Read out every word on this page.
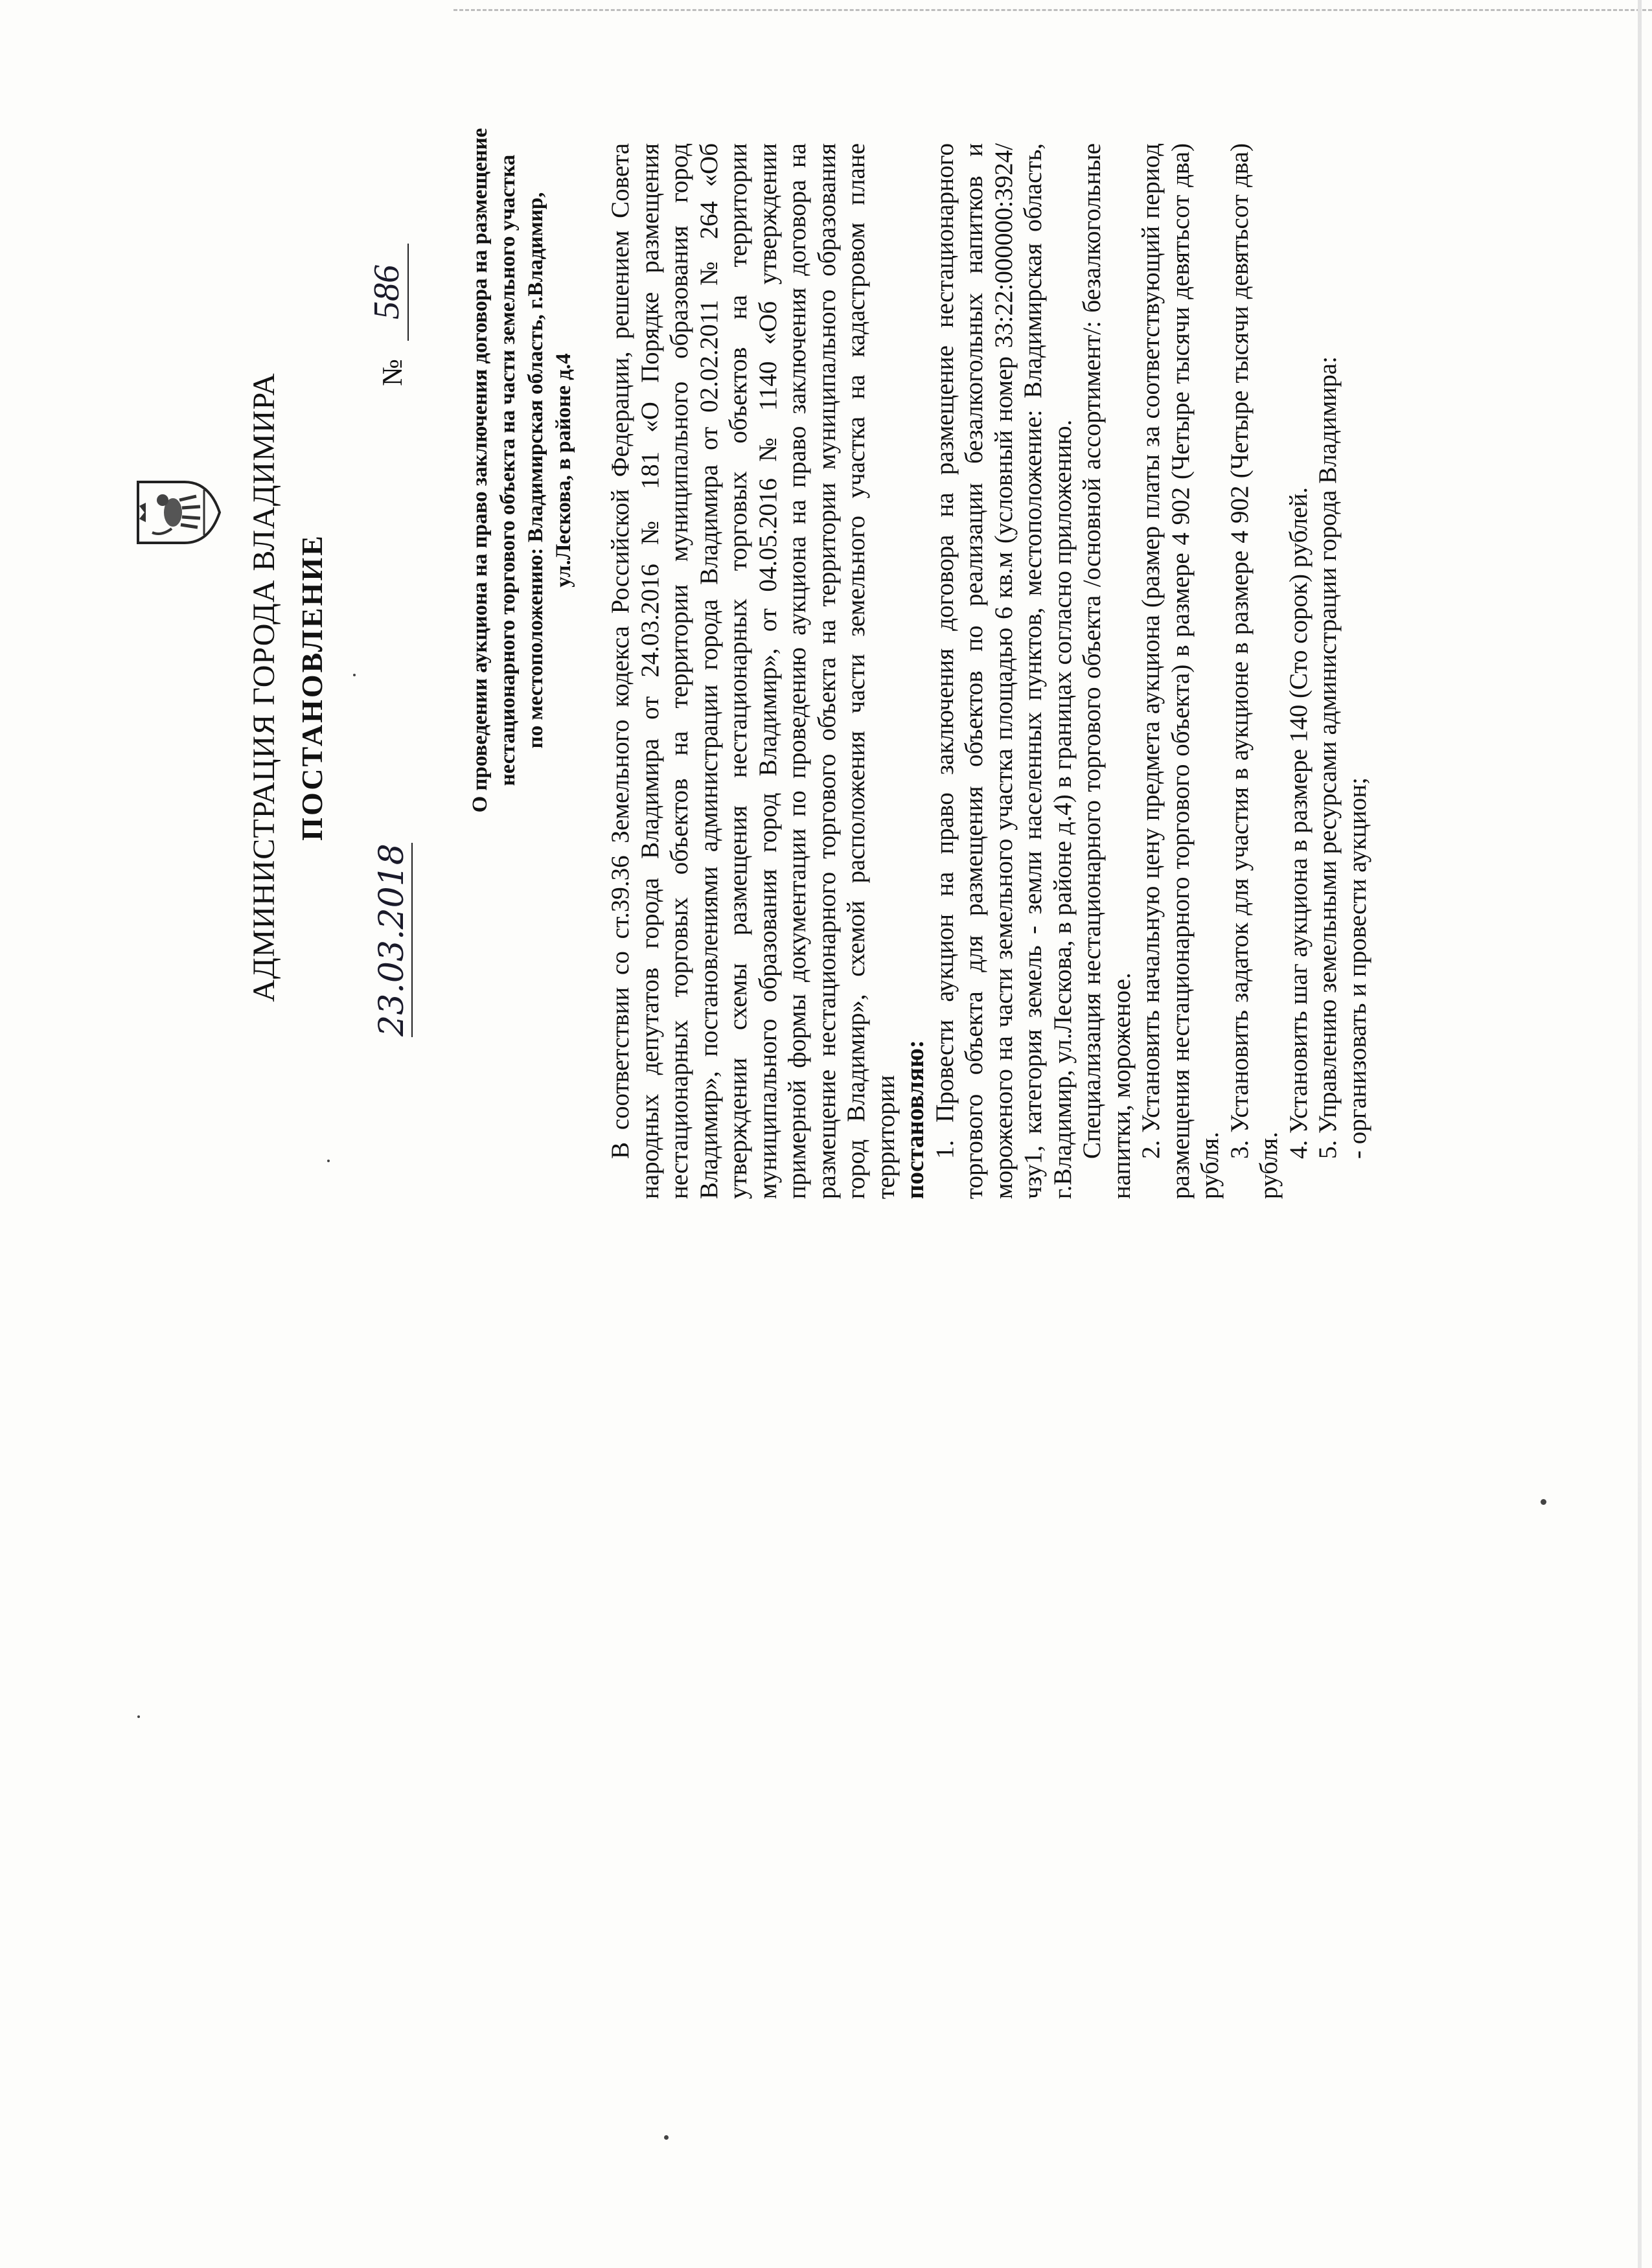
АДМИНИСТРАЦИЯ ГОРОДА ВЛАДИМИРА ПОСТАНОВЛЕНИЕ
23.03.2018
№
586	О проведении аукциона на право заключения договора на размещение нестационарного торгового объекта на части земельного участка по местоположению: Владимирская область, г.Владимир, ул.Лескова, в районе д.4 В соответствии со ст.39.36 Земельного кодекса Российской Федерации, решением Совета народных депутатов города Владимира от 24.03.2016 № 181 «О Порядке размещения нестационарных торговых объектов на территории муниципального образования город Владимир», постановлениями администрации города Владимира от 02.02.2011 № 264 «Об утверждении схемы размещения нестационарных торговых объектов на территории муниципального образования город Владимир», от 04.05.2016 № 1140 «Об утверждении примерной формы документации по проведению аукциона на право заключения договора на размещение нестационарного торгового объекта на территории муниципального образования город Владимир», схемой расположения части земельного участка на кадастровом плане территории постановляю: 1. Провести аукцион на право заключения договора на размещение нестационарного торгового объекта для размещения объектов по реализации безалкогольных напитков и мороженого на части земельного участка площадью 6 кв.м (условный номер 33:22:000000:3924/чзу1, категория земель - земли населенных пунктов, местоположение: Владимирская область, г.Владимир, ул.Лескова, в районе д.4) в границах согласно приложению. Специализация нестационарного торгового объекта /основной ассортимент/: безалкогольные напитки, мороженое. 2. Установить начальную цену предмета аукциона (размер платы за соответствующий период размещения нестационарного торгового объекта) в размере 4 902 (Четыре тысячи девятьсот два) рубля.

3. Установить задаток для участия в аукционе в размере 4 902 (Четыре тысячи девятьсот два) рубля.

4. Установить шаг аукциона в размере 140 (Сто сорок) рублей. 5. Управлению земельными ресурсами администрации города Владимира: - организовать и провести аукцион;
